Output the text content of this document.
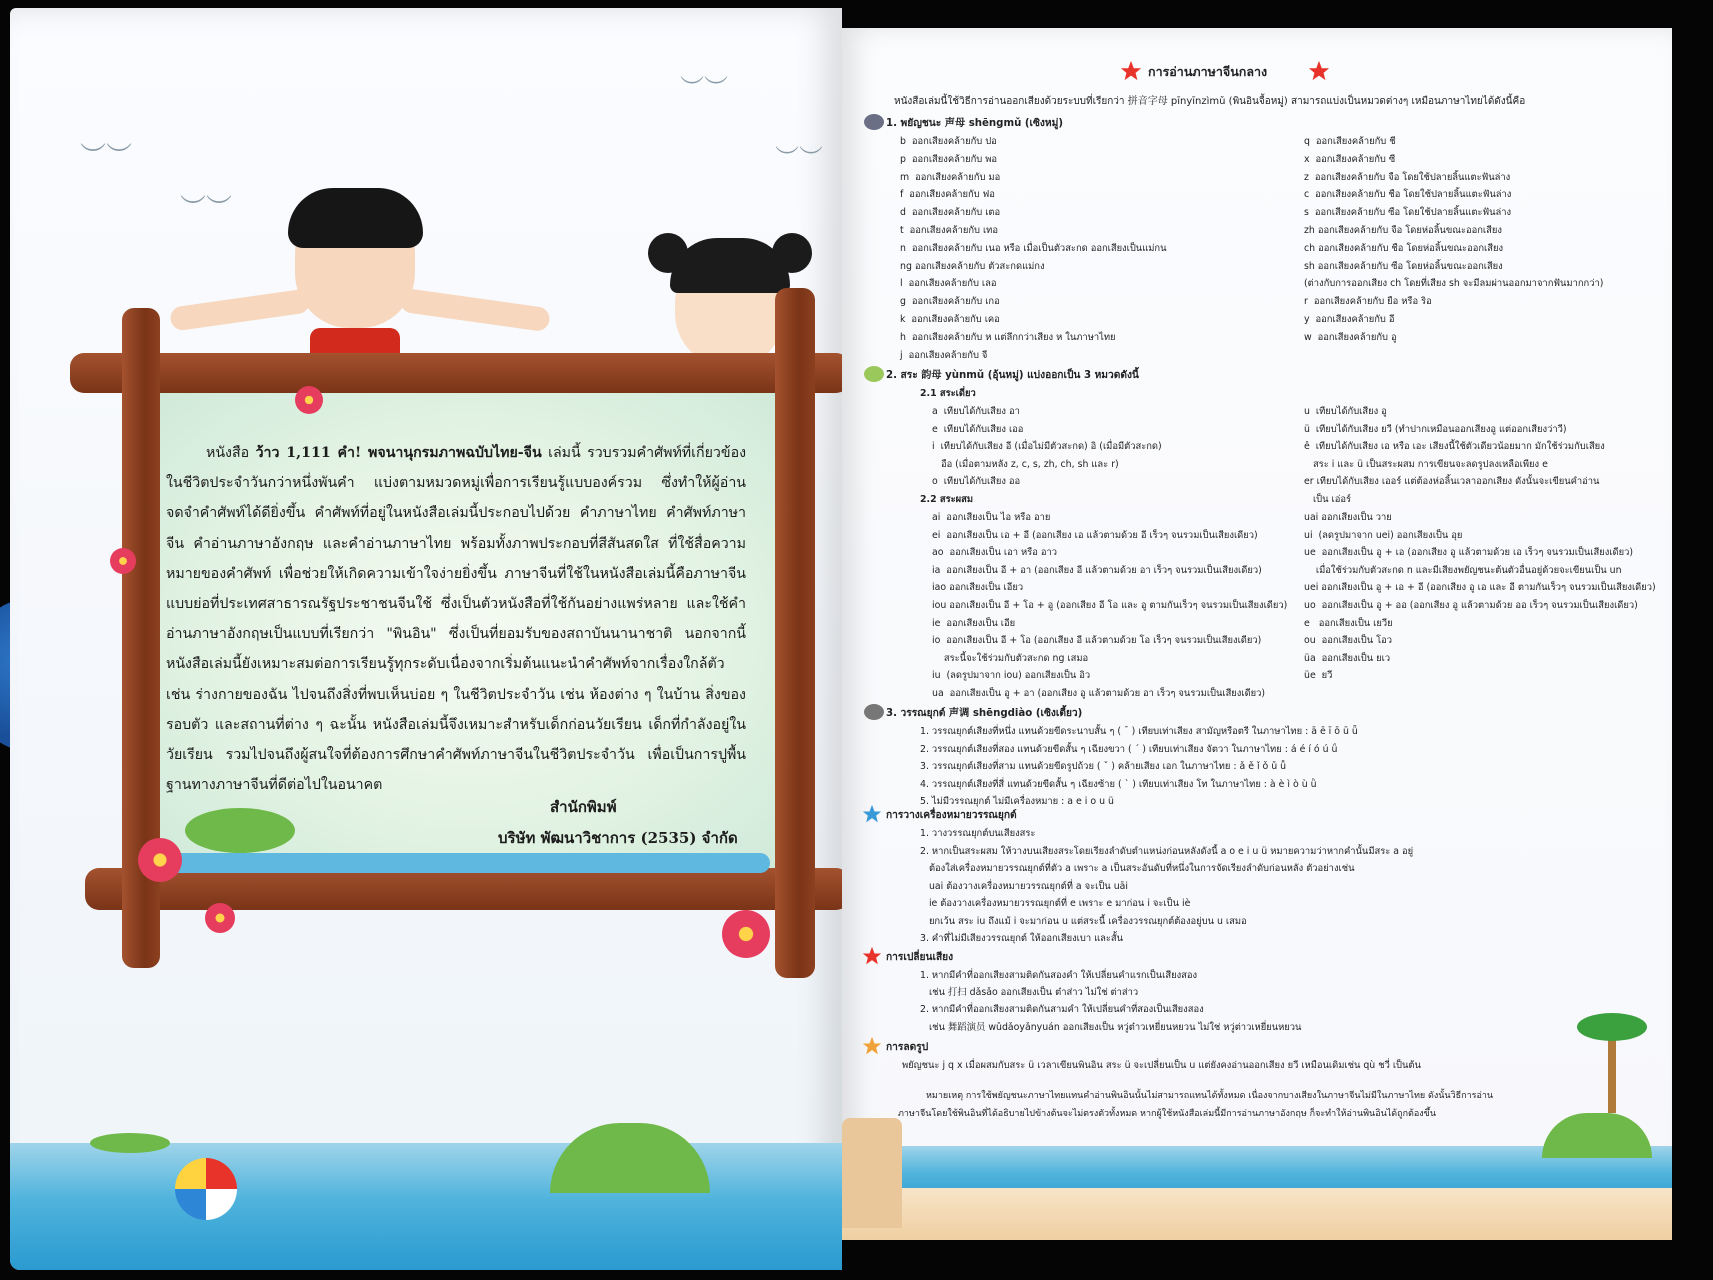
︶︶
︶︶
︶︶
︶︶
หนังสือ ว้าว 1,111 คำ! พจนานุกรมภาพฉบับไทย-จีน เล่มนี้ รวบรวมคำศัพท์ที่เกี่ยวข้องในชีวิตประจำวันกว่าหนึ่งพันคำ แบ่งตามหมวดหมู่เพื่อการเรียนรู้แบบองค์รวม ซึ่งทำให้ผู้อ่านจดจำคำศัพท์ได้ดียิ่งขึ้น คำศัพท์ที่อยู่ในหนังสือเล่มนี้ประกอบไปด้วย คำภาษาไทย คำศัพท์ภาษาจีน คำอ่านภาษาอังกฤษ และคำอ่านภาษาไทย พร้อมทั้งภาพประกอบที่สีสันสดใส ที่ใช้สื่อความหมายของคำศัพท์ เพื่อช่วยให้เกิดความเข้าใจง่ายยิ่งขึ้น ภาษาจีนที่ใช้ในหนังสือเล่มนี้คือภาษาจีนแบบย่อที่ประเทศสาธารณรัฐประชาชนจีนใช้ ซึ่งเป็นตัวหนังสือที่ใช้กันอย่างแพร่หลาย และใช้คำอ่านภาษาอังกฤษเป็นแบบที่เรียกว่า "พินอิน" ซึ่งเป็นที่ยอมรับของสถาบันนานาชาติ นอกจากนี้ หนังสือเล่มนี้ยังเหมาะสมต่อการเรียนรู้ทุกระดับเนื่องจากเริ่มต้นแนะนำคำศัพท์จากเรื่องใกล้ตัว เช่น ร่างกายของฉัน ไปจนถึงสิ่งที่พบเห็นบ่อย ๆ ในชีวิตประจำวัน เช่น ห้องต่าง ๆ ในบ้าน สิ่งของรอบตัว และสถานที่ต่าง ๆ ฉะนั้น หนังสือเล่มนี้จึงเหมาะสำหรับเด็กก่อนวัยเรียน เด็กที่กำลังอยู่ในวัยเรียน รวมไปจนถึงผู้สนใจที่ต้องการศึกษาคำศัพท์ภาษาจีนในชีวิตประจำวัน เพื่อเป็นการปูพื้นฐานทางภาษาจีนที่ดีต่อไปในอนาคต
สำนักพิมพ์
บริษัท พัฒนาวิชาการ (2535) จำกัด
การอ่านภาษาจีนกลาง
หนังสือเล่มนี้ใช้วิธีการอ่านออกเสียงด้วยระบบที่เรียกว่า 拼音字母 pīnyīnzìmǔ (พินอินจื้อหมู่) สามารถแบ่งเป็นหมวดต่างๆ เหมือนภาษาไทยได้ดังนี้คือ
1. พยัญชนะ 声母 shēngmǔ (เซิงหมู่)
2. สระ 韵母 yùnmǔ (อุ้นหมู่) แบ่งออกเป็น 3 หมวดดังนี้
2.1 สระเดี่ยว
2.2 สระผสม
3. วรรณยุกต์ 声调 shēngdiào (เซิงเตี้ยว)
การวางเครื่องหมายวรรณยุกต์
การเปลี่ยนเสียง
การลดรูป
พยัญชนะ j q x เมื่อผสมกับสระ ü เวลาเขียนพินอิน สระ ü จะเปลี่ยนเป็น u แต่ยังคงอ่านออกเสียง ยวี เหมือนเดิมเช่น qù ชวี่ เป็นต้น
หมายเหตุ การใช้พยัญชนะภาษาไทยแทนคำอ่านพินอินนั้นไม่สามารถแทนได้ทั้งหมด เนื่องจากบางเสียงในภาษาจีนไม่มีในภาษาไทย ดังนั้นวิธีการอ่าน
ภาษาจีนโดยใช้พินอินที่ได้อธิบายไปข้างต้นจะไม่ตรงตัวทั้งหมด หากผู้ใช้หนังสือเล่มนี้มีการอ่านภาษาอังกฤษ ก็จะทำให้อ่านพินอินได้ถูกต้องขึ้น
b  ออกเสียงคล้ายกับ ปอ
p  ออกเสียงคล้ายกับ พอ
m  ออกเสียงคล้ายกับ มอ
f  ออกเสียงคล้ายกับ ฟอ
d  ออกเสียงคล้ายกับ เตอ
t  ออกเสียงคล้ายกับ เทอ
n  ออกเสียงคล้ายกับ เนอ หรือ เมื่อเป็นตัวสะกด ออกเสียงเป็นแม่กน
ng ออกเสียงคล้ายกับ ตัวสะกดแม่กง
l  ออกเสียงคล้ายกับ เลอ
g  ออกเสียงคล้ายกับ เกอ
k  ออกเสียงคล้ายกับ เคอ
h  ออกเสียงคล้ายกับ ห แต่ลึกกว่าเสียง ห ในภาษาไทย
j  ออกเสียงคล้ายกับ จี
q  ออกเสียงคล้ายกับ ชี
x  ออกเสียงคล้ายกับ ซี
z  ออกเสียงคล้ายกับ จือ โดยใช้ปลายลิ้นแตะฟันล่าง
c  ออกเสียงคล้ายกับ ชือ โดยใช้ปลายลิ้นแตะฟันล่าง
s  ออกเสียงคล้ายกับ ซือ โดยใช้ปลายลิ้นแตะฟันล่าง
zh ออกเสียงคล้ายกับ จือ โดยห่อลิ้นขณะออกเสียง
ch ออกเสียงคล้ายกับ ชือ โดยห่อลิ้นขณะออกเสียง
sh ออกเสียงคล้ายกับ ซือ โดยห่อลิ้นขณะออกเสียง
(ต่างกับการออกเสียง ch โดยที่เสียง sh จะมีลมผ่านออกมาจากฟันมากกว่า)
r  ออกเสียงคล้ายกับ ยือ หรือ ริอ
y  ออกเสียงคล้ายกับ อี
w  ออกเสียงคล้ายกับ อู
a  เทียบได้กับเสียง อา
e  เทียบได้กับเสียง เออ
i  เทียบได้กับเสียง อี (เมื่อไม่มีตัวสะกด) อิ (เมื่อมีตัวสะกด)
อือ (เมื่อตามหลัง z, c, s, zh, ch, sh และ r)
o  เทียบได้กับเสียง ออ
u  เทียบได้กับเสียง อู
ü  เทียบได้กับเสียง ยวี (ทำปากเหมือนออกเสียงอู แต่ออกเสียงว่าวี)
ê  เทียบได้กับเสียง เอ หรือ เอะ เสียงนี้ใช้ตัวเดียวน้อยมาก มักใช้ร่วมกับเสียง
สระ i และ ü เป็นสระผสม การเขียนจะลดรูปลงเหลือเพียง e
er เทียบได้กับเสียง เออร์ แต่ต้องห่อลิ้นเวลาออกเสียง ดังนั้นจะเขียนคำอ่าน
เป็น เอ่อร์
ai  ออกเสียงเป็น ไอ หรือ อาย
ei  ออกเสียงเป็น เอ + อี (ออกเสียง เอ แล้วตามด้วย อี เร็วๆ จนรวมเป็นเสียงเดียว)
ao  ออกเสียงเป็น เอา หรือ อาว
ia  ออกเสียงเป็น อี + อา (ออกเสียง อี แล้วตามด้วย อา เร็วๆ จนรวมเป็นเสียงเดียว)
iao ออกเสียงเป็น เอียว
iou ออกเสียงเป็น อี + โอ + อู (ออกเสียง อี โอ และ อู ตามกันเร็วๆ จนรวมเป็นเสียงเดียว)
ie  ออกเสียงเป็น เอีย
io  ออกเสียงเป็น อี + โอ (ออกเสียง อี แล้วตามด้วย โอ เร็วๆ จนรวมเป็นเสียงเดียว)
สระนี้จะใช้ร่วมกับตัวสะกด ng เสมอ
iu  (ลดรูปมาจาก iou) ออกเสียงเป็น อิว
ua  ออกเสียงเป็น อู + อา (ออกเสียง อู แล้วตามด้วย อา เร็วๆ จนรวมเป็นเสียงเดียว)
uai ออกเสียงเป็น วาย
ui  (ลดรูปมาจาก uei) ออกเสียงเป็น อุย
ue  ออกเสียงเป็น อู + เอ (ออกเสียง อู แล้วตามด้วย เอ เร็วๆ จนรวมเป็นเสียงเดียว)
เมื่อใช้ร่วมกับตัวสะกด n และมีเสียงพยัญชนะต้นตัวอื่นอยู่ด้วยจะเขียนเป็น un
uei ออกเสียงเป็น อู + เอ + อี (ออกเสียง อู เอ และ อี ตามกันเร็วๆ จนรวมเป็นเสียงเดียว)
uo  ออกเสียงเป็น อู + ออ (ออกเสียง อู แล้วตามด้วย ออ เร็วๆ จนรวมเป็นเสียงเดียว)
e   ออกเสียงเป็น เยวีย
ou  ออกเสียงเป็น โอว
üa  ออกเสียงเป็น ยเว
üe  ยวี
1. วรรณยุกต์เสียงที่หนึ่ง แทนด้วยขีดระนาบสั้น ๆ ( ¯ ) เทียบเท่าเสียง สามัญหรือตรี ในภาษาไทย : ā ē ī ō ū ǖ
2. วรรณยุกต์เสียงที่สอง แทนด้วยขีดสั้น ๆ เฉียงขวา ( ˊ ) เทียบเท่าเสียง จัตวา ในภาษาไทย : á é í ó ú ǘ
3. วรรณยุกต์เสียงที่สาม แทนด้วยขีดรูปถ้วย ( ˇ ) คล้ายเสียง เอก ในภาษาไทย : ǎ ě ǐ ǒ ǔ ǚ
4. วรรณยุกต์เสียงที่สี่ แทนด้วยขีดสั้น ๆ เฉียงซ้าย ( ˋ ) เทียบเท่าเสียง โท ในภาษาไทย : à è ì ò ù ǜ
5. ไม่มีวรรณยุกต์ ไม่มีเครื่องหมาย : a e i o u ü
1. วางวรรณยุกต์บนเสียงสระ
2. หากเป็นสระผสม ให้วางบนเสียงสระโดยเรียงลำดับตำแหน่งก่อนหลังดังนี้ a o e i u ü หมายความว่าหากคำนั้นมีสระ a อยู่
ต้องใส่เครื่องหมายวรรณยุกต์ที่ตัว a เพราะ a เป็นสระอันดับที่หนึ่งในการจัดเรียงลำดับก่อนหลัง ตัวอย่างเช่น
uai ต้องวางเครื่องหมายวรรณยุกต์ที่ a จะเป็น uāi
ie ต้องวางเครื่องหมายวรรณยุกต์ที่ e เพราะ e มาก่อน i จะเป็น iè
ยกเว้น สระ iu ถึงแม้ i จะมาก่อน u แต่สระนี้ เครื่องวรรณยุกต์ต้องอยู่บน u เสมอ
3. คำที่ไม่มีเสียงวรรณยุกต์ ให้ออกเสียงเบา และสั้น
1. หากมีคำที่ออกเสียงสามติดกันสองคำ ให้เปลี่ยนคำแรกเป็นเสียงสอง
เช่น 打扫 dǎsǎo ออกเสียงเป็น ต๋าส่าว ไม่ใช่ ต่าส่าว
2. หากมีคำที่ออกเสียงสามติดกันสามคำ ให้เปลี่ยนคำที่สองเป็นเสียงสอง
เช่น 舞蹈演员 wǔdǎoyǎnyuán ออกเสียงเป็น หวู่ต๋าวเหยี่ยนหยวน ไม่ใช่ หวู่ต่าวเหยี่ยนหยวน
